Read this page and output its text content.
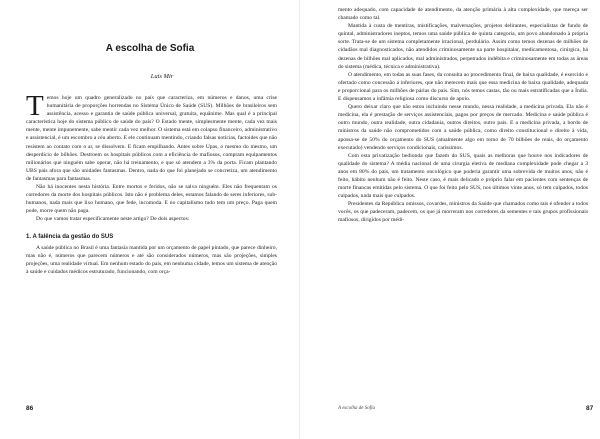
A escolha de Sofia
Luis Mir

Temos hoje um quadro generalizado no país que caracteriza, em números e danos, uma crise humanitária de proporções horrendas no Sistema Único de Saúde (SUS). Milhões de brasileiros sem assistência, acesso e garantia de saúde pública universal, gratuita, equânime. Mas qual é a principal característica hoje do sistema público de saúde do país? O Estado mente, simplesmente mente, cada vez mais mente, mente impunemente, sabe mentir cada vez melhor. O sistema está em colapso financeiro, administrativo e assistencial, é um escombro a céu aberto. E ele continuam mentindo, criando falsas notícias, factoides que não resistem ao contato com o ar, se dissolvem. E fícam empilhando. Antes sobre Upas, o mesmo do mesmo, um desperdício de bilhões. Destroem os hospitais públicos com a eficiência de mafiosos, compram equipamentos milionários que ninguém sabe operar, não há treinamento, e que só atendem a 3% da porta. Ficam plantando UBS pais afora que são unidades fantasmas. Dentro, nada do que foi planejado se concretiza, um atendimento de fantasmas para fantasmas.

Não há inocentes nesta história. Entre mortos e feridos, não se salva ninguém. Eles não frequentam os corredores da morte dos hospitais públicos. Isto não é problema deles, estamos falando de seres inferiores, sub-humanos, nada mais que lixo humano, que fede, incomoda. E no capitalismo tudo tem um preço. Paga quem pode, morre quem não paga.

Do que vamos tratar especificamente neste artigo? De dois aspectos:

1. A falência da gestão do SUS

A saúde pública no Brasil é uma fantasia mantida por um orçamento de papel pintado, que parece dinheiro, mas não é, números que parecem números e até são considerados números, mas são projeções, simples projeções, uma realidade virtual. Em nenhum estado do país, em nenhuma cidade, temos um sistema de atenção à saúde e cuidados médicos estruturado, funcionando, com orça-

86

mento adequado, com capacidade de atendimento, da atenção primária à alta complexidade, que mereça ser chamado como tal.

Mantida à custa de mentiras, mistificações, malversações, projetos delirantes, especialistas de fundo de quintal, administradores ineptos, temos uma saúde pública de quinta categoria, um povo abandonado à própria sorte. Trata-se de um sistema completamente irracional, perdulário. Assim como temos dezenas de milhões de cidadãos mal diagnosticados, não atendidos criminosamente na parte hospitalar, medicamentosa, cirúrgica, há dezenas de bilhões mal aplicados, mal administrados, perpetrados indébita e criminosamente em todas as áreas do sistema (médica, técnica e administrativa).

O atendimento, em todas as suas fases, da consulta ao procedimento final, de baixa qualidade, é exercido e ofertado como concessão a inferiores, que não merecem mais que essa medicina de baixa qualidade, adequada e proporcional para os milhões de párias do país. Sim, nós temos castas, tão ou mais estratificadas que a Índia. E dispensamos a infâmia religiosa como discurso de apoio.

Quero deixar claro que não estou incluindo nesse mundo, nessa realidade, a medicina privada. Ela não é medicina, ela é prestação de serviços assistenciais, pagos por preços de mercado. Medicina e saúde pública é outro mundo, outra realidade, outra cidadania, outros direitos, outro país. E a medicina privada, a bordo de ministros da saúde não comprometidos com a saúde pública, como direito constitucional e direito à vida, apossa-se de 50% do orçamento do SUS (atualmente algo em torno de 70 bilhões de reais, do orçamento executado) vendendo serviços condicionais, caríssimos.

Com esta privatização bedionda que fazem do SUS, quais as melhoras que houve nos indicadores de qualidade do sistema? A média nacional de uma cirurgia eletiva de mediana complexidade pode chegar a 3 anos em 80% do país, um tratamento oncológico que poderia garantir uma sobrevida de muitos anos, não é feito, hábito nenhum não é feito. Neste caso, é mais delicado e próprio falar em pacientes com sentenças de morte financas emitidas pelo sistema. O que foi feito pelo SUS, nos últimos vinte anos, só tem culpados, todos culpados, nada mais que culpados.

Presidentes da República omissos, covardes, ministros da Saúde que chamados como tais é ofender a todos vocês, os que padeceram, padecem, os que já morreram nos corredores da sementes e tais grupos profissionais mafiosos, dirigidos por médi-

A escolha de Sofia	87
